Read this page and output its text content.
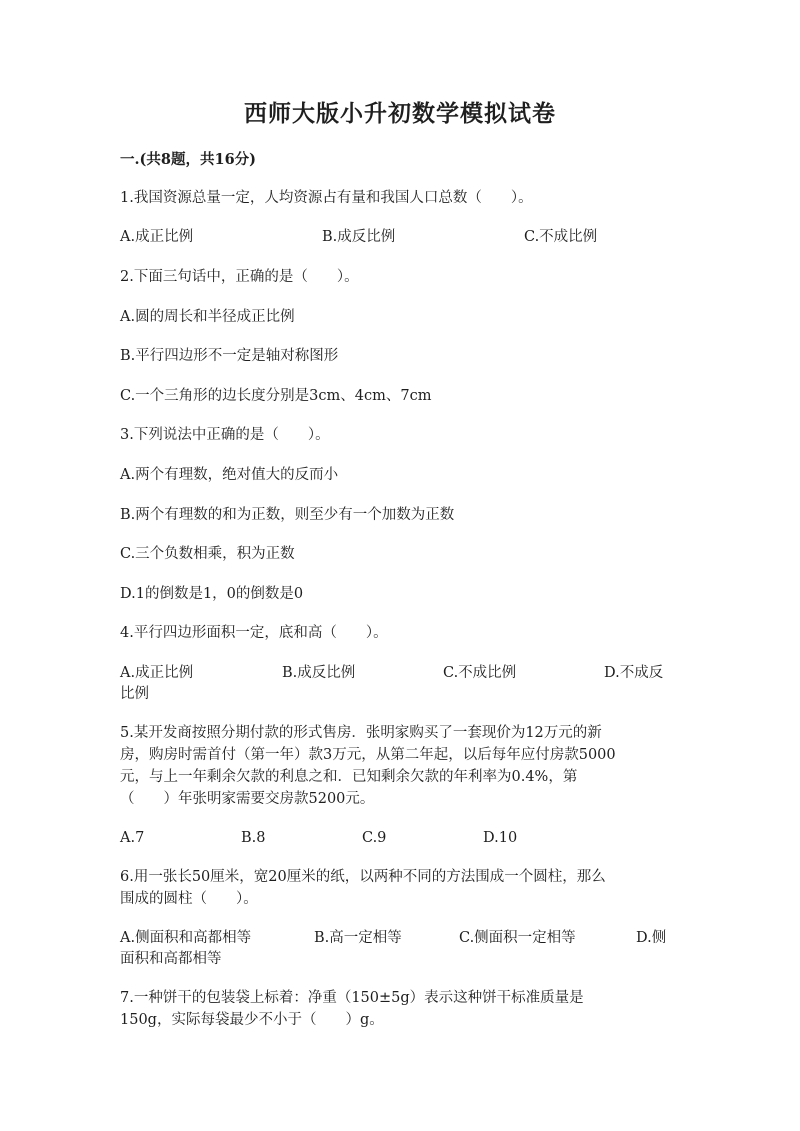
西师大版小升初数学模拟试卷
一.(共8题，共16分)
1.我国资源总量一定，人均资源占有量和我国人口总数（　　）。
A.成正比例	B.成反比例	C.不成比例
2.下面三句话中，正确的是（　　）。
A.圆的周长和半径成正比例
B.平行四边形不一定是轴对称图形
C.一个三角形的边长度分别是3cm、4cm、7cm
3.下列说法中正确的是（　　）。
A.两个有理数，绝对值大的反而小
B.两个有理数的和为正数，则至少有一个加数为正数
C.三个负数相乘，积为正数
D.1的倒数是1，0的倒数是0
4.平行四边形面积一定，底和高（　　）。
A.成正比例	B.成反比例	C.不成比例	D.不成反
比例
5.某开发商按照分期付款的形式售房．张明家购买了一套现价为12万元的新
房，购房时需首付（第一年）款3万元，从第二年起，以后每年应付房款5000
元，与上一年剩余欠款的利息之和．已知剩余欠款的年利率为0.4%，第
（　　）年张明家需要交房款5200元。
A.7	B.8	C.9	D.10
6.用一张长50厘米，宽20厘米的纸，以两种不同的方法围成一个圆柱，那么
围成的圆柱（　　）。
A.侧面积和高都相等	B.高一定相等	C.侧面积一定相等	D.侧
面积和高都相等
7.一种饼干的包装袋上标着：净重（150±5g）表示这种饼干标准质量是
150g，实际每袋最少不小于（　　）g。
